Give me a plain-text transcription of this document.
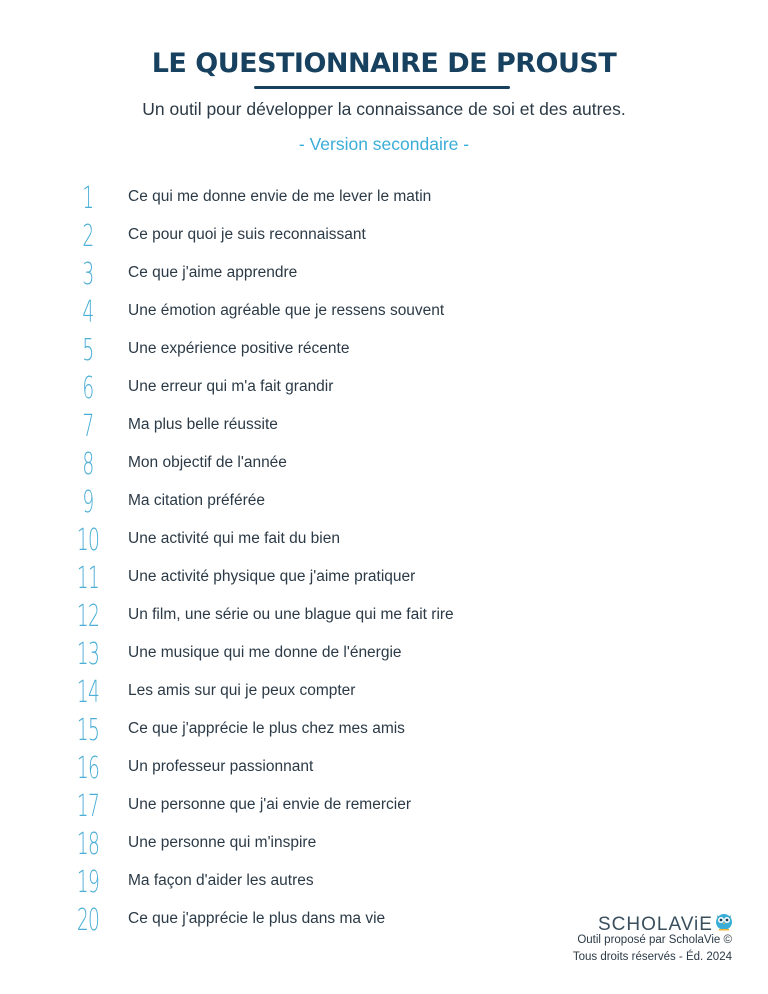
LE QUESTIONNAIRE DE PROUST
Un outil pour développer la connaissance de soi et des autres.
- Version secondaire -
1	Ce qui me donne envie de me lever le matin
2	Ce pour quoi je suis reconnaissant
3	Ce que j'aime apprendre
4	Une émotion agréable que je ressens souvent
5	Une expérience positive récente
6	Une erreur qui m'a fait grandir
7	Ma plus belle réussite
8	Mon objectif de l'année
9	Ma citation préférée
10 Une activité qui me fait du bien
11 Une activité physique que j'aime pratiquer
12 Un film, une série ou une blague qui me fait rire
13 Une musique qui me donne de l'énergie
14 Les amis sur qui je peux compter
15 Ce que j'apprécie le plus chez mes amis
16 Un professeur passionnant
17 Une personne que j'ai envie de remercier
18 Une personne qui m'inspire
19 Ma façon d'aider les autres
20 Ce que j'apprécie le plus dans ma vie	SCHOLAViE
Outil proposé par ScholaVie ©
Tous droits réservés - Éd. 2024
